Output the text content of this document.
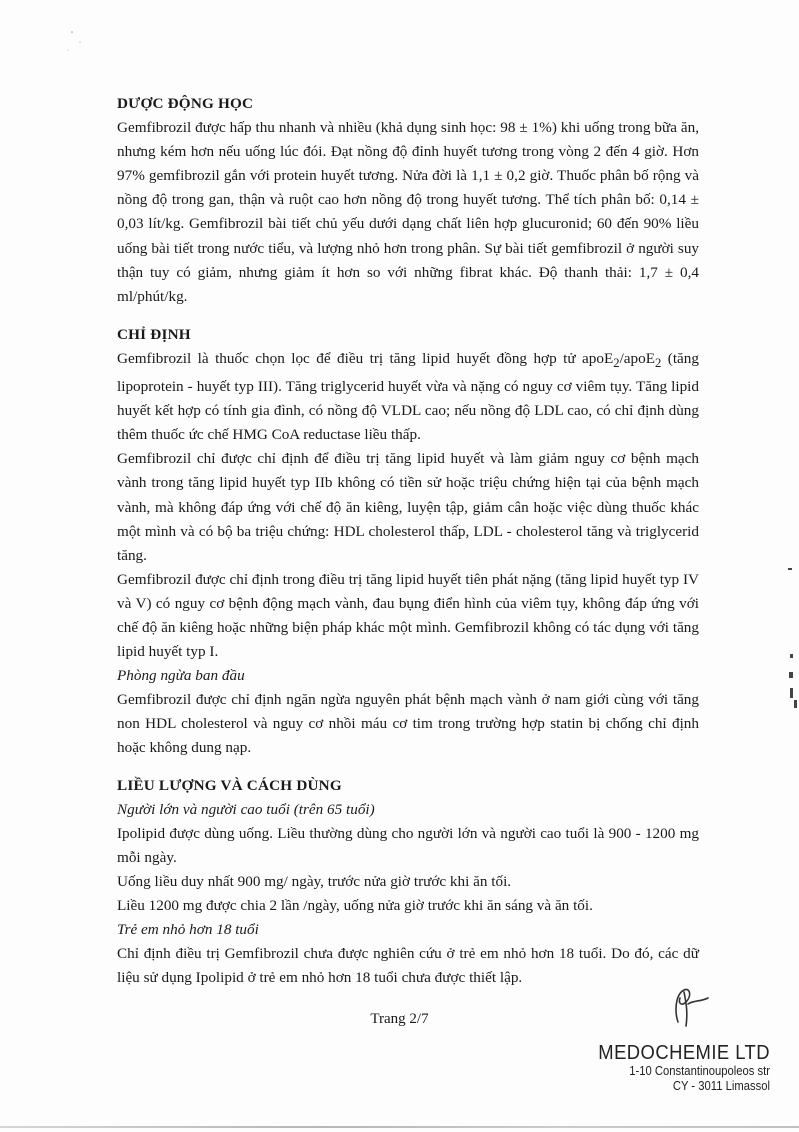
DƯỢC ĐỘNG HỌC

Gemfibrozil được hấp thu nhanh và nhiều (khả dụng sinh học: 98 ± 1%) khi uống trong bữa ăn, nhưng kém hơn nếu uống lúc đói. Đạt nồng độ đỉnh huyết tương trong vòng 2 đến 4 giờ. Hơn 97% gemfibrozil gắn với protein huyết tương. Nửa đời là 1,1 ± 0,2 giờ. Thuốc phân bố rộng và nồng độ trong gan, thận và ruột cao hơn nồng độ trong huyết tương. Thể tích phân bố: 0,14 ± 0,03 lít/kg. Gemfibrozil bài tiết chủ yếu dưới dạng chất liên hợp glucuronid; 60 đến 90% liều uống bài tiết trong nước tiểu, và lượng nhỏ hơn trong phân. Sự bài tiết gemfibrozil ở người suy thận tuy có giảm, nhưng giảm ít hơn so với những fibrat khác. Độ thanh thải: 1,7 ± 0,4 ml/phút/kg.

CHỈ ĐỊNH

Gemfibrozil là thuốc chọn lọc để điều trị tăng lipid huyết đồng hợp tử apoE$_2$/apoE$_2$ (tăng lipoprotein - huyết typ III). Tăng triglycerid huyết vừa và nặng có nguy cơ viêm tụy. Tăng lipid huyết kết hợp có tính gia đình, có nồng độ VLDL cao; nếu nồng độ LDL cao, có chỉ định dùng thêm thuốc ức chế HMG CoA reductase liều thấp.

Gemfibrozil chỉ được chỉ định để điều trị tăng lipid huyết và làm giảm nguy cơ bệnh mạch vành trong tăng lipid huyết typ IIb không có tiền sử hoặc triệu chứng hiện tại của bệnh mạch vành, mà không đáp ứng với chế độ ăn kiêng, luyện tập, giảm cân hoặc việc dùng thuốc khác một mình và có bộ ba triệu chứng: HDL cholesterol thấp, LDL - cholesterol tăng và triglycerid tăng.

Gemfibrozil được chỉ định trong điều trị tăng lipid huyết tiên phát nặng (tăng lipid huyết typ IV và V) có nguy cơ bệnh động mạch vành, đau bụng điển hình của viêm tụy, không đáp ứng với chế độ ăn kiêng hoặc những biện pháp khác một mình. Gemfibrozil không có tác dụng với tăng lipid huyết typ I.

Phòng ngừa ban đầu

Gemfibrozil được chỉ định ngăn ngừa nguyên phát bệnh mạch vành ở nam giới cùng với tăng non HDL cholesterol và nguy cơ nhồi máu cơ tim trong trường hợp statin bị chống chỉ định hoặc không dung nạp.

LIỀU LƯỢNG VÀ CÁCH DÙNG

Người lớn và người cao tuổi (trên 65 tuổi)

Ipolipid được dùng uống. Liều thường dùng cho người lớn và người cao tuổi là 900 - 1200 mg mỗi ngày.

Uống liều duy nhất 900 mg/ ngày, trước nửa giờ trước khi ăn tối.

Liều 1200 mg được chia 2 lần /ngày, uống nửa giờ trước khi ăn sáng và ăn tối.

Trẻ em nhỏ hơn 18 tuổi

Chỉ định điều trị Gemfibrozil chưa được nghiên cứu ở trẻ em nhỏ hơn 18 tuổi. Do đó, các dữ liệu sử dụng Ipolipid ở trẻ em nhỏ hơn 18 tuổi chưa được thiết lập.

Trang 2/7
MEDOCHEMIE LTD
1-10 Constantinoupoleos str
CY - 3011 Limassol
